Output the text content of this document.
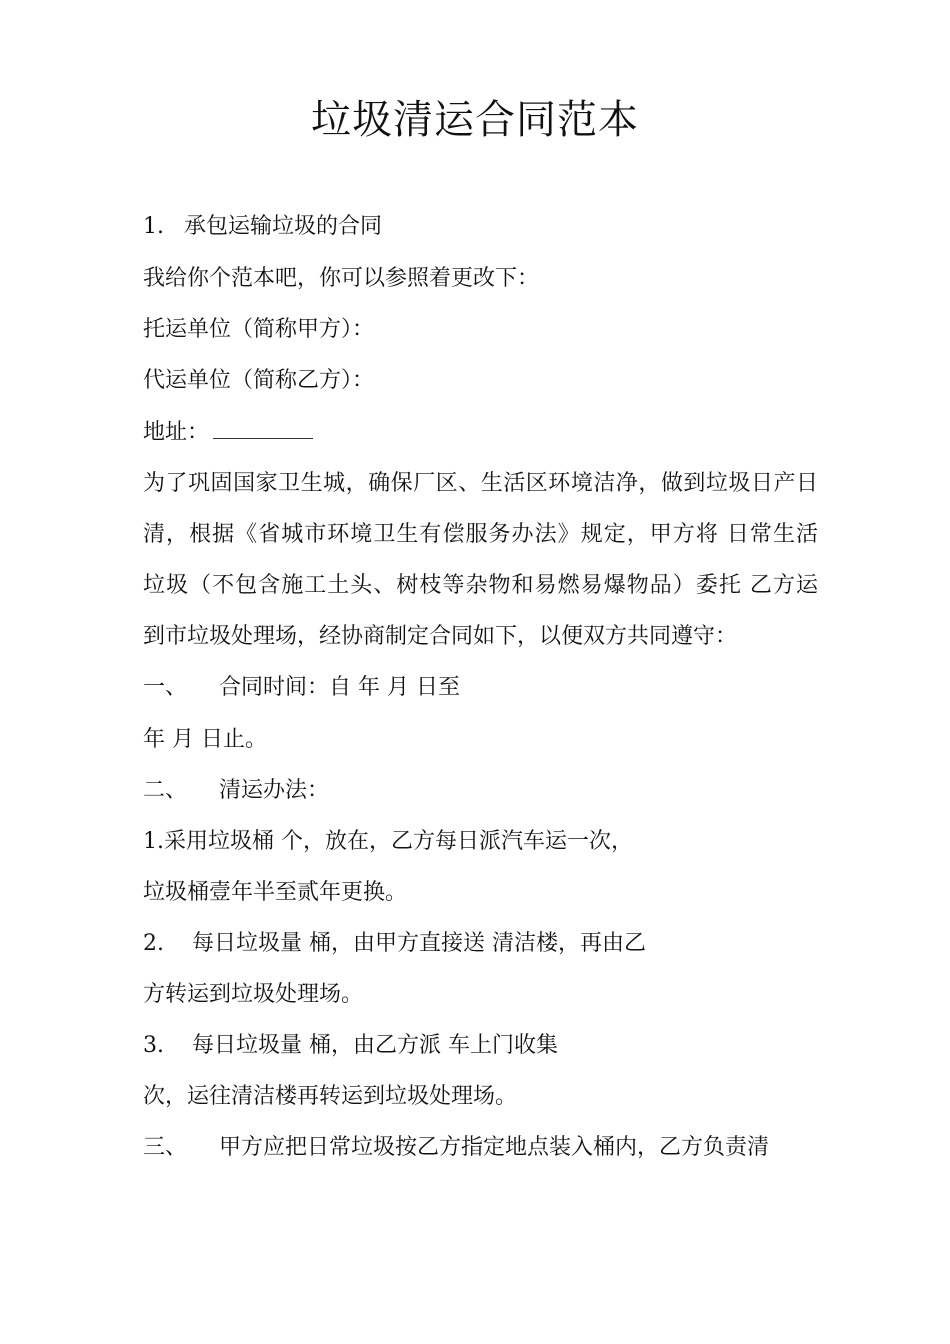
垃圾清运合同范本
1. 承包运输垃圾的合同
我给你个范本吧，你可以参照着更改下：
托运单位（简称甲方）：
代运单位（简称乙方）：
地址：
为了巩固国家卫生城，确保厂区、生活区环境洁净，做到垃圾日产日
清，根据《省城市环境卫生有偿服务办法》规定，甲方将 日常生活
垃圾（不包含施工土头、树枝等杂物和易燃易爆物品）委托 乙方运
到市垃圾处理场，经协商制定合同如下，以便双方共同遵守：
一、 合同时间：自 年 月 日至
年 月 日止。
二、 清运办法：
1.采用垃圾桶 个，放在，乙方每日派汽车运一次，
垃圾桶壹年半至贰年更换。
2. 每日垃圾量 桶，由甲方直接送 清洁楼，再由乙
方转运到垃圾处理场。
3. 每日垃圾量 桶，由乙方派 车上门收集
次，运往清洁楼再转运到垃圾处理场。
三、 甲方应把日常垃圾按乙方指定地点装入桶内，乙方负责清
